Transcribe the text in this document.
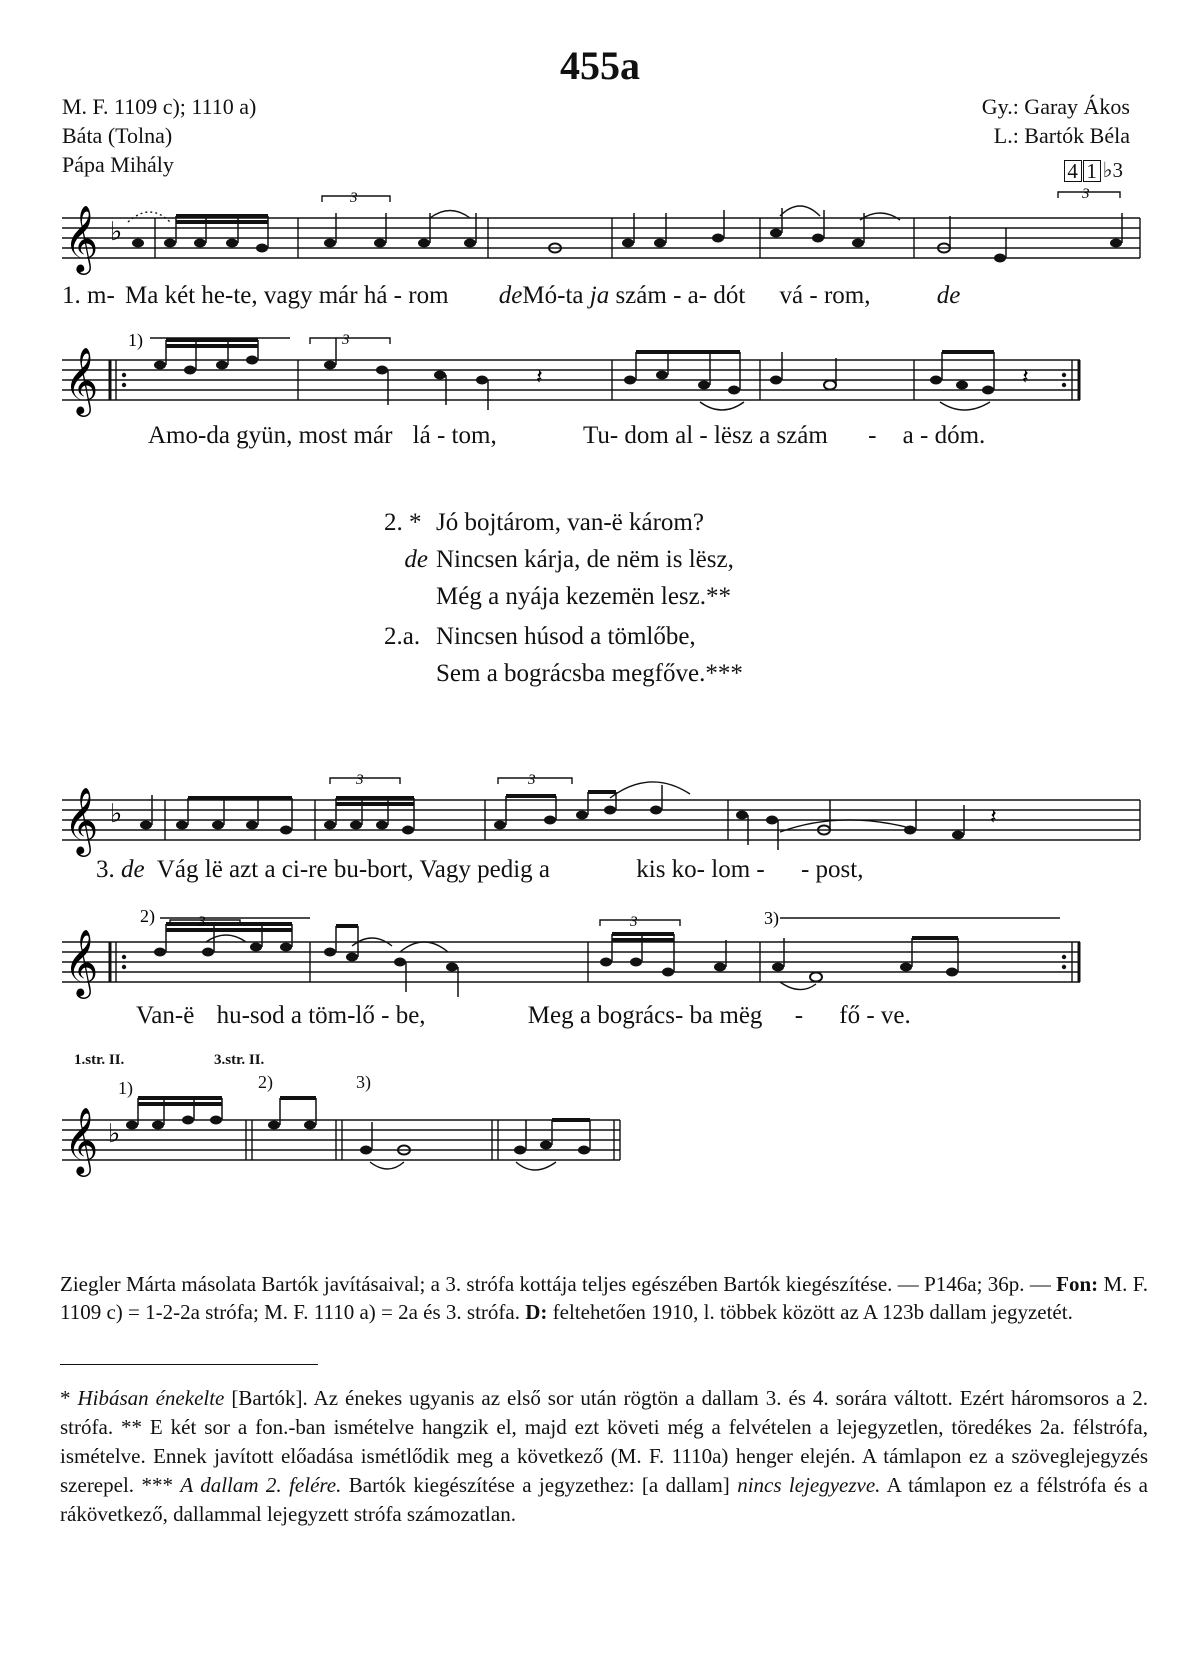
455a
M. F. 1109 c); 1110 a)
Báta (Tolna)
Pápa Mihály
Gy.: Garay Ákos
L.: Bartók Béla
4 1 ♭3
𝄞 ♭
3	3
1. m- Ma két he-te, vagy már há - rom deMó-ta ja szám - a- dót vá - rom,	de
𝄞
1)	3
𝄽	𝄽
Amo-da gyün, most már lá - tom,	Tu- dom al - lësz a szám - a - dóm.
2. * Jó bojtárom, van-ë károm?
de Nincsen kárja, de nëm is lësz,
Még a nyája kezemën lesz.**
2.a. Nincsen húsod a tömlőbe,
Sem a bográcsba megfőve.***
𝄞 ♭
3	3
𝄽
3. de Vág lë azt a ci-re bu-bort, Vagy pedig a	kis ko- lom - - post,
𝄞
2)	3	3	3)
Van-ë hu-sod a töm-lő - be,	Meg a bogrács- ba mëg - fő - ve.
1.str. II.	3.str. II.
1)	2)	3)
𝄞 ♭
Ziegler Márta másolata Bartók javításaival; a 3. strófa kottája teljes egészében Bartók kiegészítése. — P146a; 36p. — Fon: M. F. 1109 c) = 1-2-2a strófa; M. F. 1110 a) = 2a és 3. strófa. D: feltehetően 1910, l. többek között az A 123b dallam jegyzetét.
* Hibásan énekelte [Bartók]. Az énekes ugyanis az első sor után rögtön a dallam 3. és 4. sorára váltott. Ezért háromsoros a 2. strófa. ** E két sor a fon.-ban ismételve hangzik el, majd ezt követi még a felvételen a lejegyzetlen, töredékes 2a. félstrófa, ismételve. Ennek javított előadása ismétlődik meg a következő (M. F. 1110a) henger elején. A támlapon ez a szöveglejegyzés szerepel. *** A dallam 2. felére. Bartók kiegészítése a jegyzethez: [a dallam] nincs lejegyezve. A támlapon ez a félstrófa és a rákövetkező, dallammal lejegyzett strófa számozatlan.
